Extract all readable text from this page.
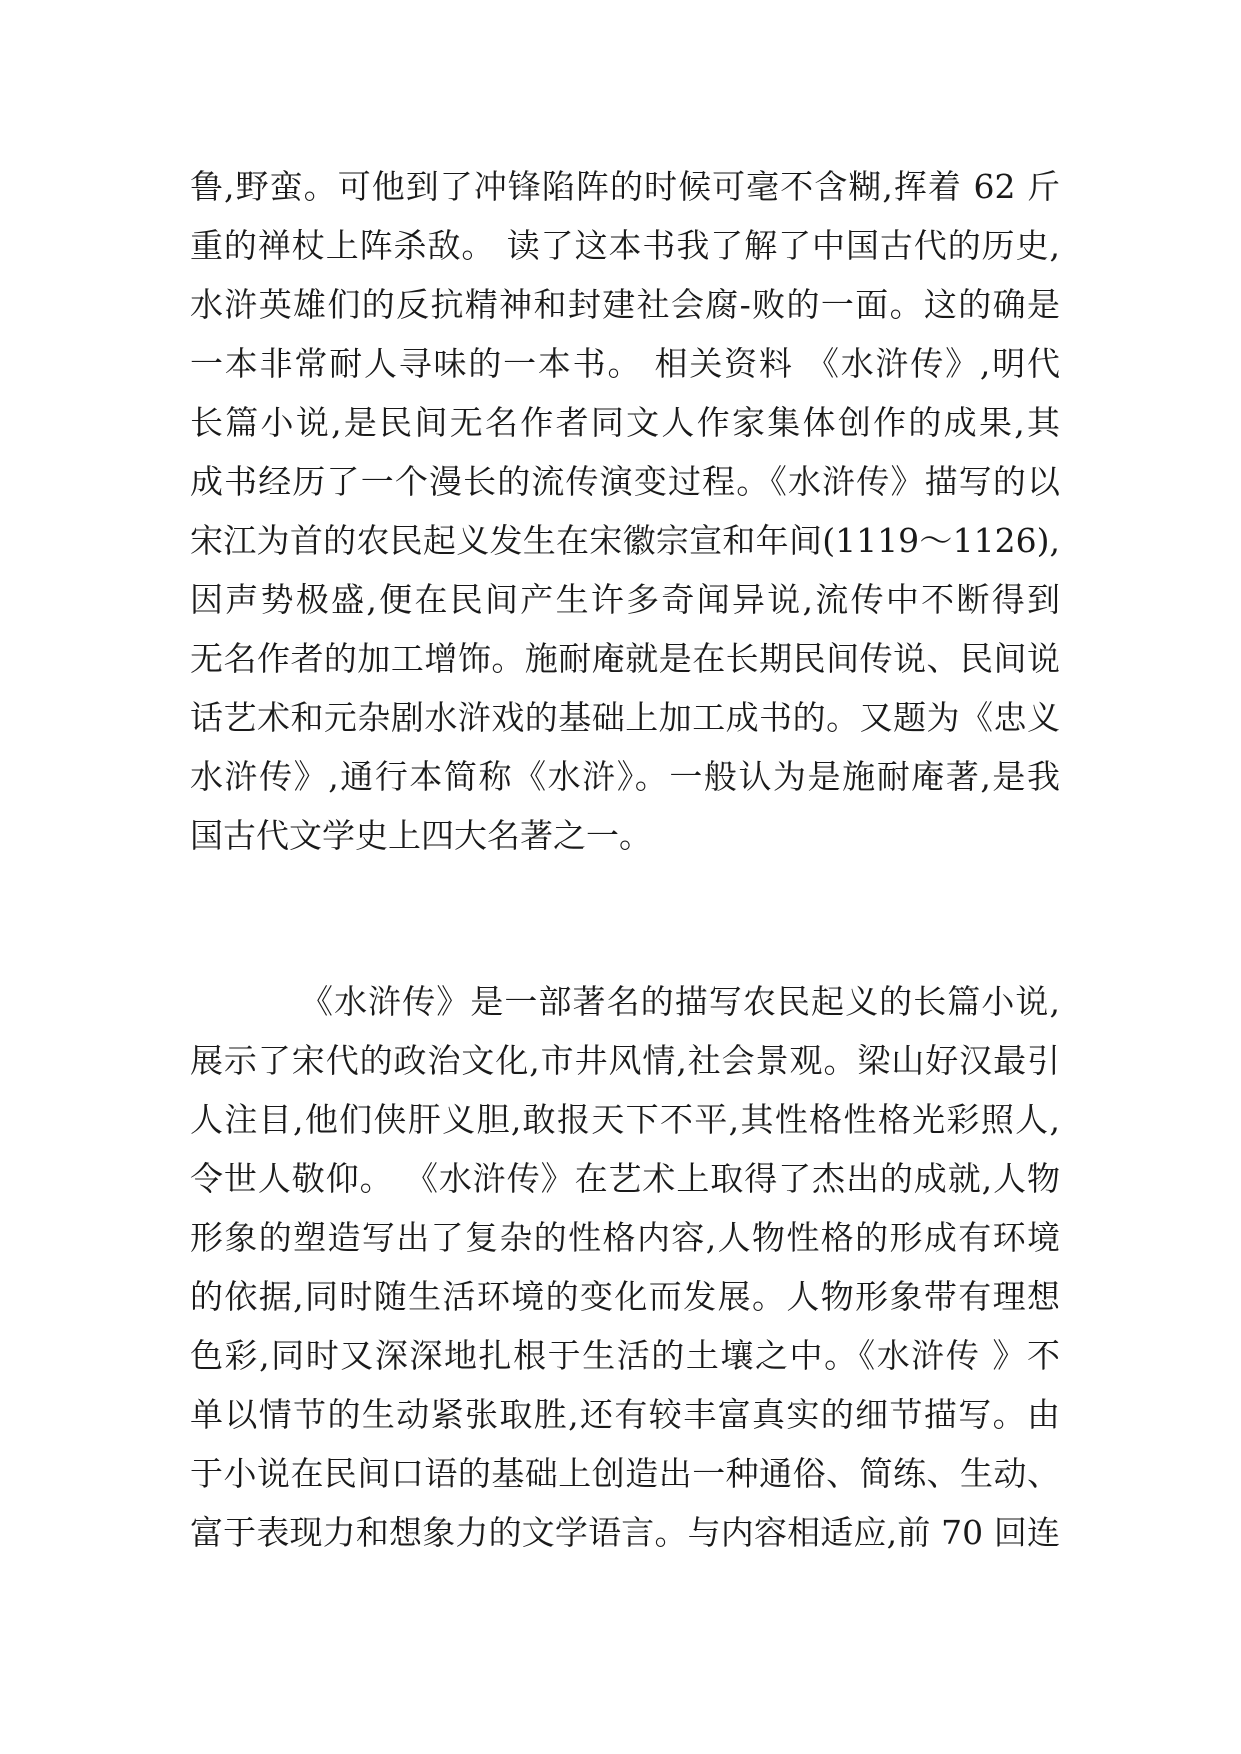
鲁,野蛮。可他到了冲锋陷阵的时候可毫不含糊,挥着 62 斤
重的禅杖上阵杀敌。 读了这本书我了解了中国古代的历史,
水浒英雄们的反抗精神和封建社会腐-败的一面。这的确是
一本非常耐人寻味的一本书。 相关资料 《水浒传》,明代
长篇小说,是民间无名作者同文人作家集体创作的成果,其
成书经历了一个漫长的流传演变过程。《水浒传》描写的以
宋江为首的农民起义发生在宋徽宗宣和年间(1119～1126),
因声势极盛,便在民间产生许多奇闻异说,流传中不断得到
无名作者的加工增饰。施耐庵就是在长期民间传说、民间说
话艺术和元杂剧水浒戏的基础上加工成书的。又题为《忠义
水浒传》,通行本简称《水浒》。一般认为是施耐庵著,是我
国古代文学史上四大名著之一。
《水浒传》是一部著名的描写农民起义的长篇小说,
展示了宋代的政治文化,市井风情,社会景观。梁山好汉最引
人注目,他们侠肝义胆,敢报天下不平,其性格性格光彩照人,
令世人敬仰。 《水浒传》在艺术上取得了杰出的成就,人物
形象的塑造写出了复杂的性格内容,人物性格的形成有环境
的依据,同时随生活环境的变化而发展。人物形象带有理想
色彩,同时又深深地扎根于生活的土壤之中。《水浒传 》不
单以情节的生动紧张取胜,还有较丰富真实的细节描写。由
于小说在民间口语的基础上创造出一种通俗、简练、生动、
富于表现力和想象力的文学语言。与内容相适应,前 70 回连
